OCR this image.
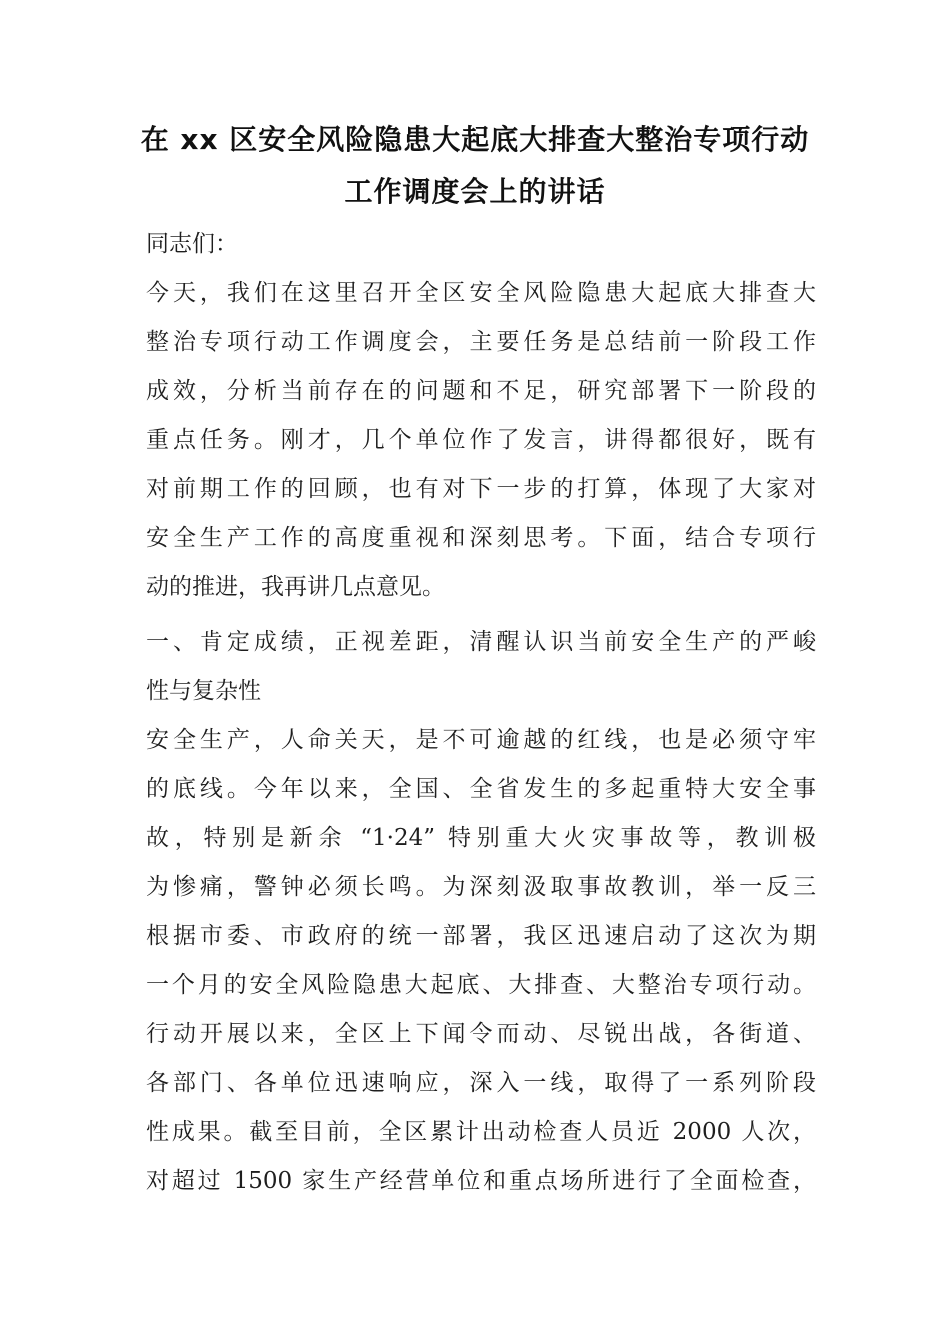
在 xx 区安全风险隐患大起底大排查大整治专项行动
工作调度会上的讲话
同志们：
今天，我们在这里召开全区安全风险隐患大起底大排查大
整治专项行动工作调度会，主要任务是总结前一阶段工作
成效，分析当前存在的问题和不足，研究部署下一阶段的
重点任务。刚才，几个单位作了发言，讲得都很好，既有
对前期工作的回顾，也有对下一步的打算，体现了大家对
安全生产工作的高度重视和深刻思考。下面，结合专项行
动的推进，我再讲几点意见。
一、肯定成绩，正视差距，清醒认识当前安全生产的严峻
性与复杂性
安全生产，人命关天，是不可逾越的红线，也是必须守牢
的底线。今年以来，全国、全省发生的多起重特大安全事
故，特别是新余 “1·24” 特别重大火灾事故等，教训极
为惨痛，警钟必须长鸣。为深刻汲取事故教训，举一反三
根据市委、市政府的统一部署，我区迅速启动了这次为期
一个月的安全风险隐患大起底、大排查、大整治专项行动。
行动开展以来，全区上下闻令而动、尽锐出战，各街道、
各部门、各单位迅速响应，深入一线，取得了一系列阶段
性成果。截至目前，全区累计出动检查人员近 2000 人次，
对超过 1500 家生产经营单位和重点场所进行了全面检查，
